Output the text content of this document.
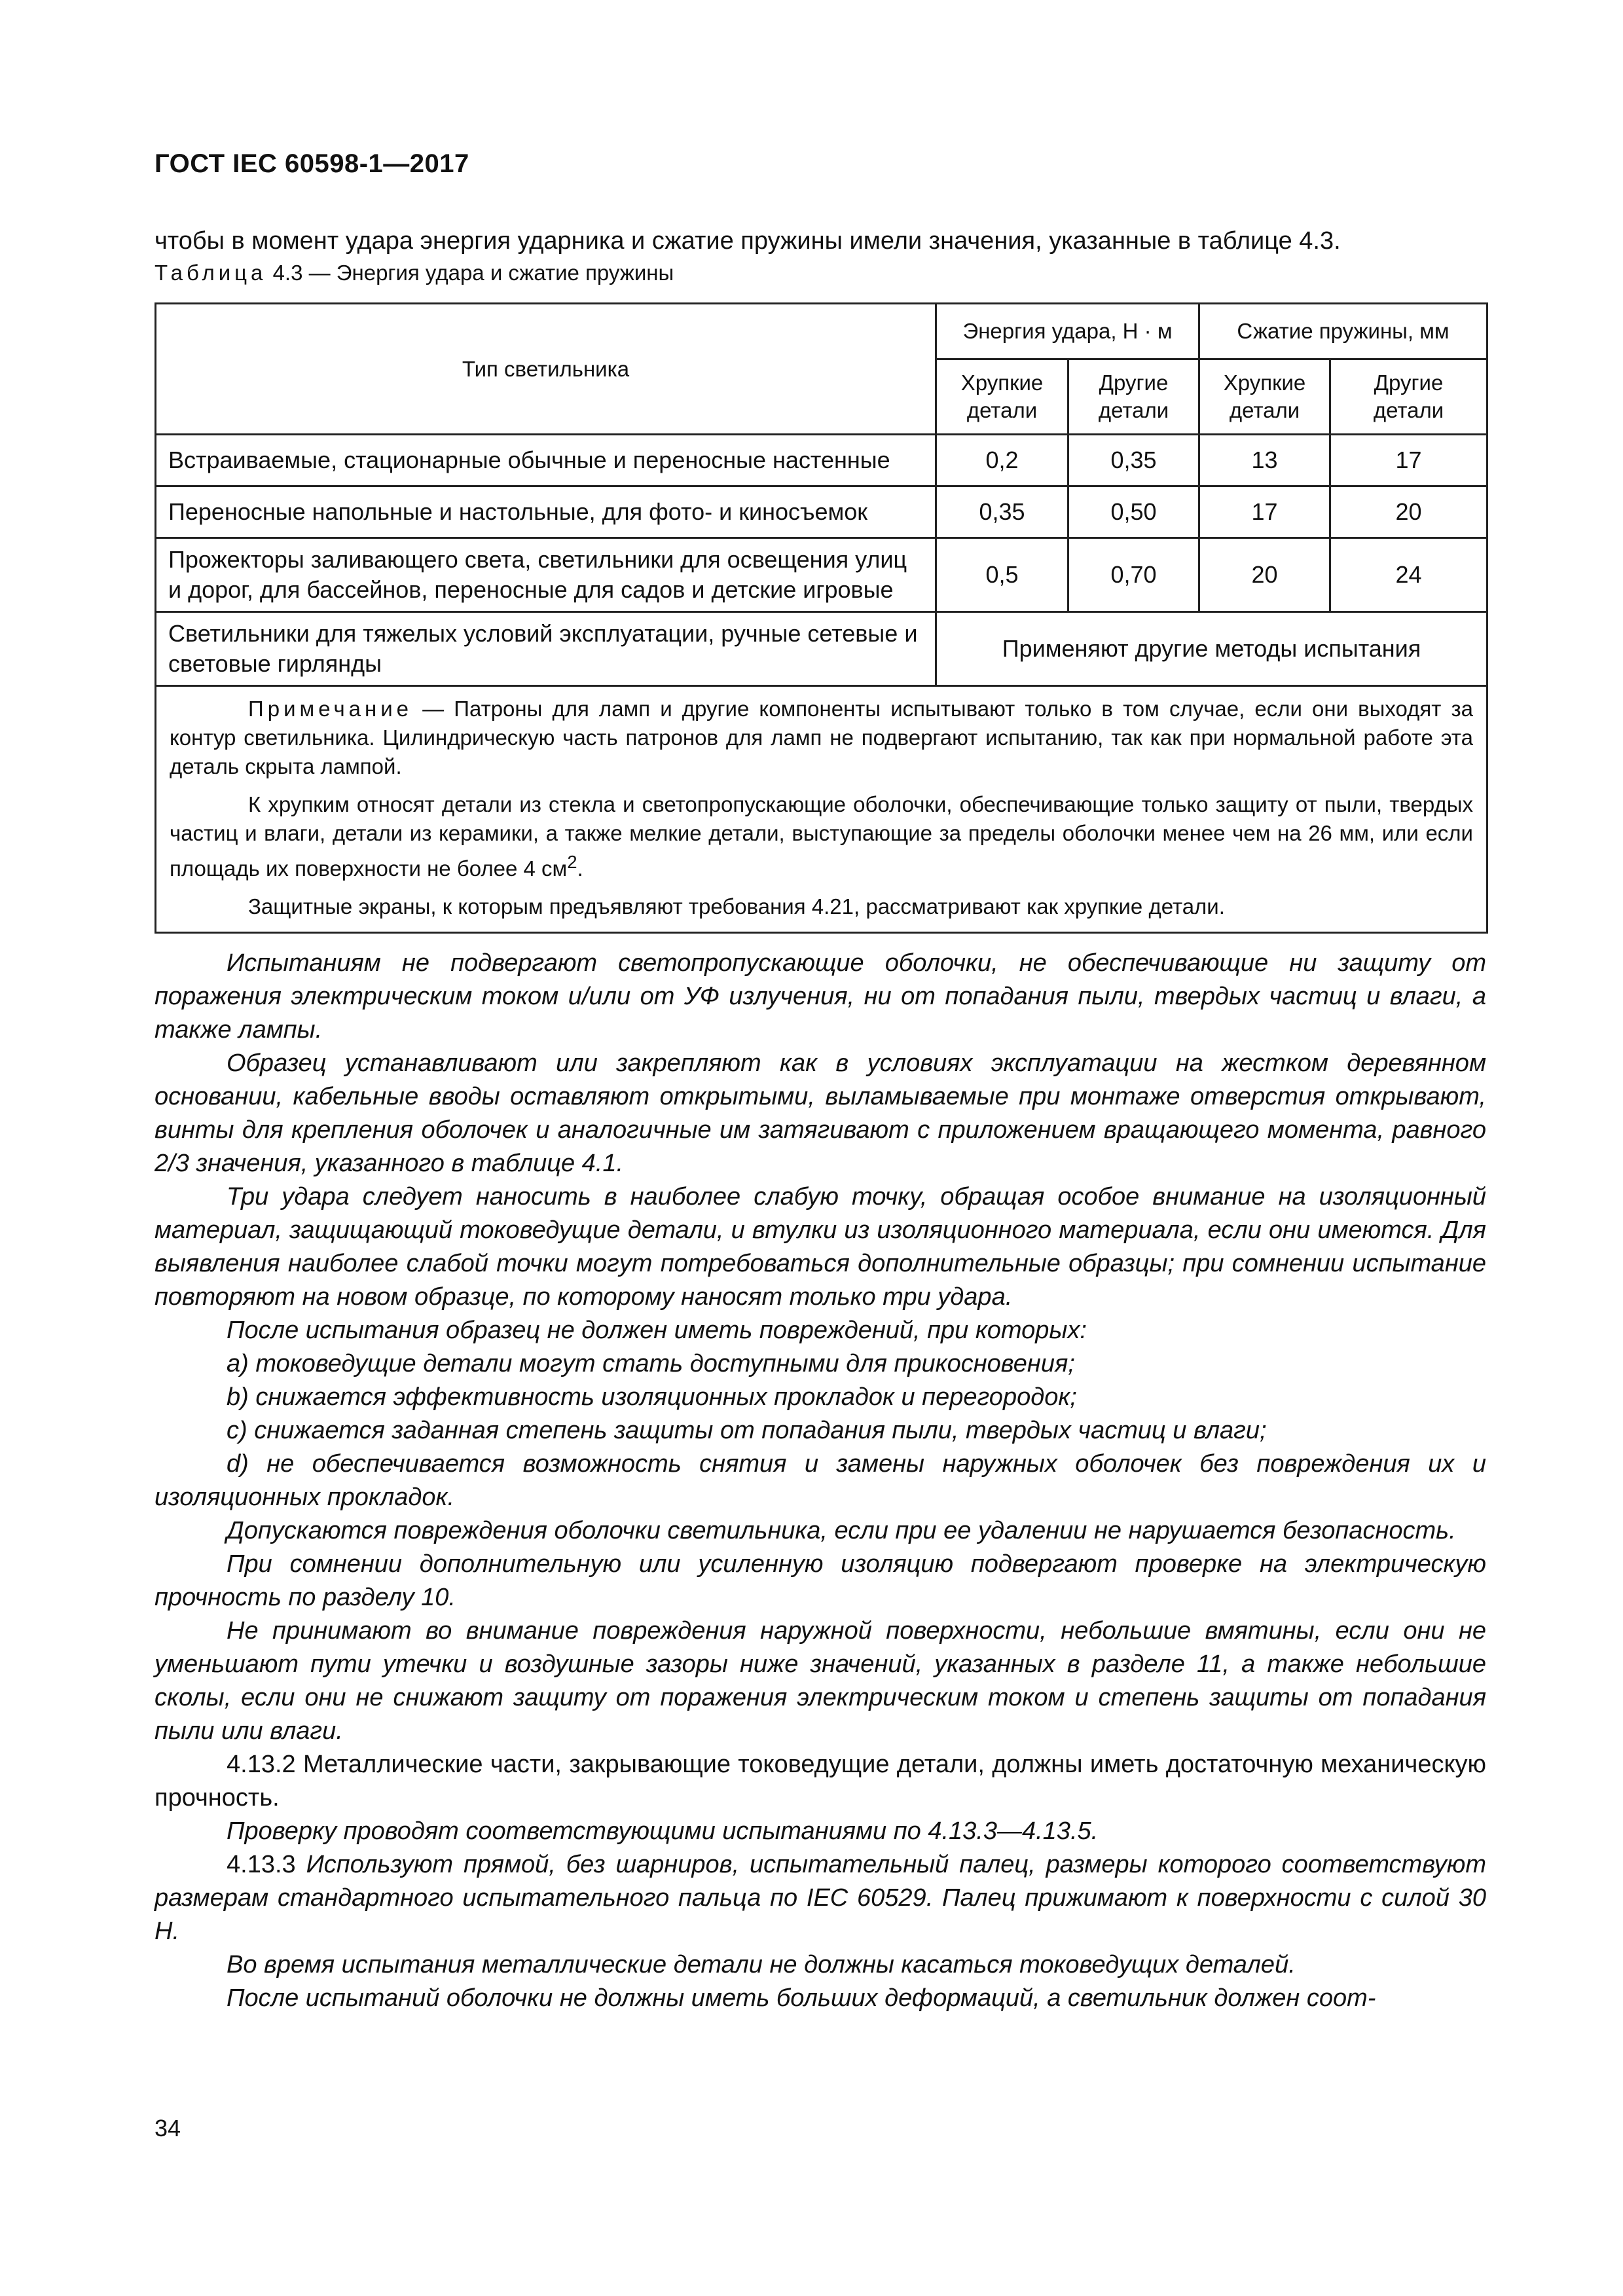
ГОСТ IEC 60598-1—2017
чтобы в момент удара энергия ударника и сжатие пружины имели значения, указанные в таблице 4.3.
Таблица 4.3 — Энергия удара и сжатие пружины
Тип светильника	Энергия удара, Н · м		Сжатие пружины, мм	
	Хрупкие детали	Другие детали	Хрупкие детали	Другие детали
Встраиваемые, стационарные обычные и переносные настенные	0,2	0,35	13	17
Переносные напольные и настольные, для фото- и киносъемок	0,35	0,50	17	20
Прожекторы заливающего света, светильники для освещения улиц и дорог, для бассейнов, переносные для садов и детские игровые	0,5	0,70	20	24
Светильники для тяжелых условий эксплуатации, ручные сетевые и световые гирлянды	Применяют другие методы испытания			

Примечание — Патроны для ламп и другие компоненты испытывают только в том случае, если они выходят за контур светильника. Цилиндрическую часть патронов для ламп не подвергают испытанию, так как при нормальной работе эта деталь скрыта лампой.

К хрупким относят детали из стекла и светопропускающие оболочки, обеспечивающие только защиту от пыли, твердых частиц и влаги, детали из керамики, а также мелкие детали, выступающие за пределы оболочки менее чем на 26 мм, или если площадь их поверхности не более 4 $см^2$.

Защитные экраны, к которым предъявляют требования 4.21, рассматривают как хрупкие детали.				

Испытаниям не подвергают светопропускающие оболочки, не обеспечивающие ни защиту от поражения электрическим током и/или от УФ излучения, ни от попадания пыли, твердых частиц и влаги, а также лампы.

Образец устанавливают или закрепляют как в условиях эксплуатации на жестком деревянном основании, кабельные вводы оставляют открытыми, выламываемые при монтаже отверстия открывают, винты для крепления оболочек и аналогичные им затягивают с приложением вращающего момента, равного 2/3 значения, указанного в таблице 4.1.

Три удара следует наносить в наиболее слабую точку, обращая особое внимание на изоляционный материал, защищающий токоведущие детали, и втулки из изоляционного материала, если они имеются. Для выявления наиболее слабой точки могут потребоваться дополнительные образцы; при сомнении испытание повторяют на новом образце, по которому наносят только три удара.

После испытания образец не должен иметь повреждений, при которых:

a) токоведущие детали могут стать доступными для прикосновения;

b) снижается эффективность изоляционных прокладок и перегородок;

c) снижается заданная степень защиты от попадания пыли, твердых частиц и влаги;

d) не обеспечивается возможность снятия и замены наружных оболочек без повреждения их и изоляционных прокладок.

Допускаются повреждения оболочки светильника, если при ее удалении не нарушается безопасность.

При сомнении дополнительную или усиленную изоляцию подвергают проверке на электрическую прочность по разделу 10.

Не принимают во внимание повреждения наружной поверхности, небольшие вмятины, если они не уменьшают пути утечки и воздушные зазоры ниже значений, указанных в разделе 11, а также небольшие сколы, если они не снижают защиту от поражения электрическим током и степень защиты от попадания пыли или влаги.

4.13.2 Металлические части, закрывающие токоведущие детали, должны иметь достаточную механическую прочность.

Проверку проводят соответствующими испытаниями по 4.13.3—4.13.5.

4.13.3 Используют прямой, без шарниров, испытательный палец, размеры которого соответствуют размерам стандартного испытательного пальца по IEC 60529. Палец прижимают к поверхности с силой 30 Н.

Во время испытания металлические детали не должны касаться токоведущих деталей.

После испытаний оболочки не должны иметь больших деформаций, а светильник должен соот-

34
